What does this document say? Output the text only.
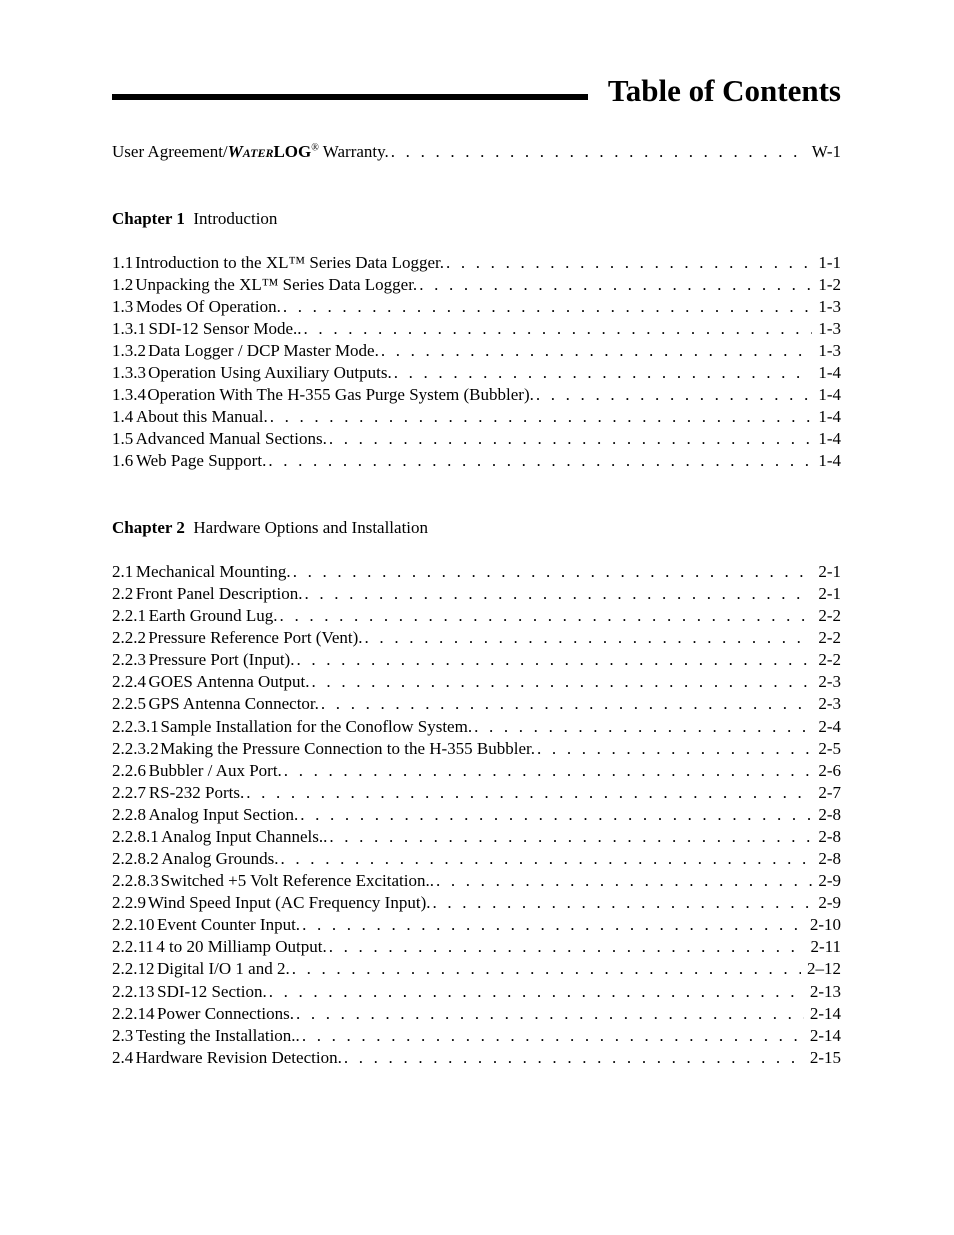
Table of Contents
User Agreement/WaterLOG® Warranty. . . .	W-1
Chapter 1 Introduction
1.1 Introduction to the XL™ Series Data Logger. . . .	1-1
1.2 Unpacking the XL™ Series Data Logger. . . .	1-2
1.3 Modes Of Operation. . . .	1-3
1.3.1 SDI-12 Sensor Mode.. . . .	1-3
1.3.2 Data Logger / DCP Master Mode. . . .	1-3
1.3.3 Operation Using Auxiliary Outputs. . . .	1-4
1.3.4 Operation With The H-355 Gas Purge System (Bubbler). . . .	1-4
1.4 About this Manual. . . .	1-4
1.5 Advanced Manual Sections. . . .	1-4
1.6 Web Page Support. . . .	1-4
Chapter 2 Hardware Options and Installation
2.1 Mechanical Mounting. . . .	2-1
2.2 Front Panel Description. . . .	2-1
2.2.1 Earth Ground Lug. . . .	2-2
2.2.2 Pressure Reference Port (Vent). . . .	2-2
2.2.3 Pressure Port (Input). . . .	2-2
2.2.4 GOES Antenna Output. . . .	2-3
2.2.5 GPS Antenna Connector. . . .	2-3
2.2.3.1 Sample Installation for the Conoflow System. . . .	2-4
2.2.3.2 Making the Pressure Connection to the H-355 Bubbler. . . .	2-5
2.2.6 Bubbler / Aux Port. . . .	2-6
2.2.7 RS-232 Ports. . . .	2-7
2.2.8 Analog Input Section. . . .	2-8
2.2.8.1 Analog Input Channels.. . . .	2-8
2.2.8.2 Analog Grounds. . . .	2-8
2.2.8.3 Switched +5 Volt Reference Excitation.. . . .	2-9
2.2.9 Wind Speed Input (AC Frequency Input). . . .	2-9
2.2.10 Event Counter Input. . . .	2-10
2.2.11 4 to 20 Milliamp Output. . . .	2-11
2.2.12 Digital I/O 1 and 2. . . .	2–12
2.2.13 SDI-12 Section. . . .	2-13
2.2.14 Power Connections. . . .	2-14
2.3 Testing the Installation.. . . .	2-14
2.4 Hardware Revision Detection. . . .	2-15
